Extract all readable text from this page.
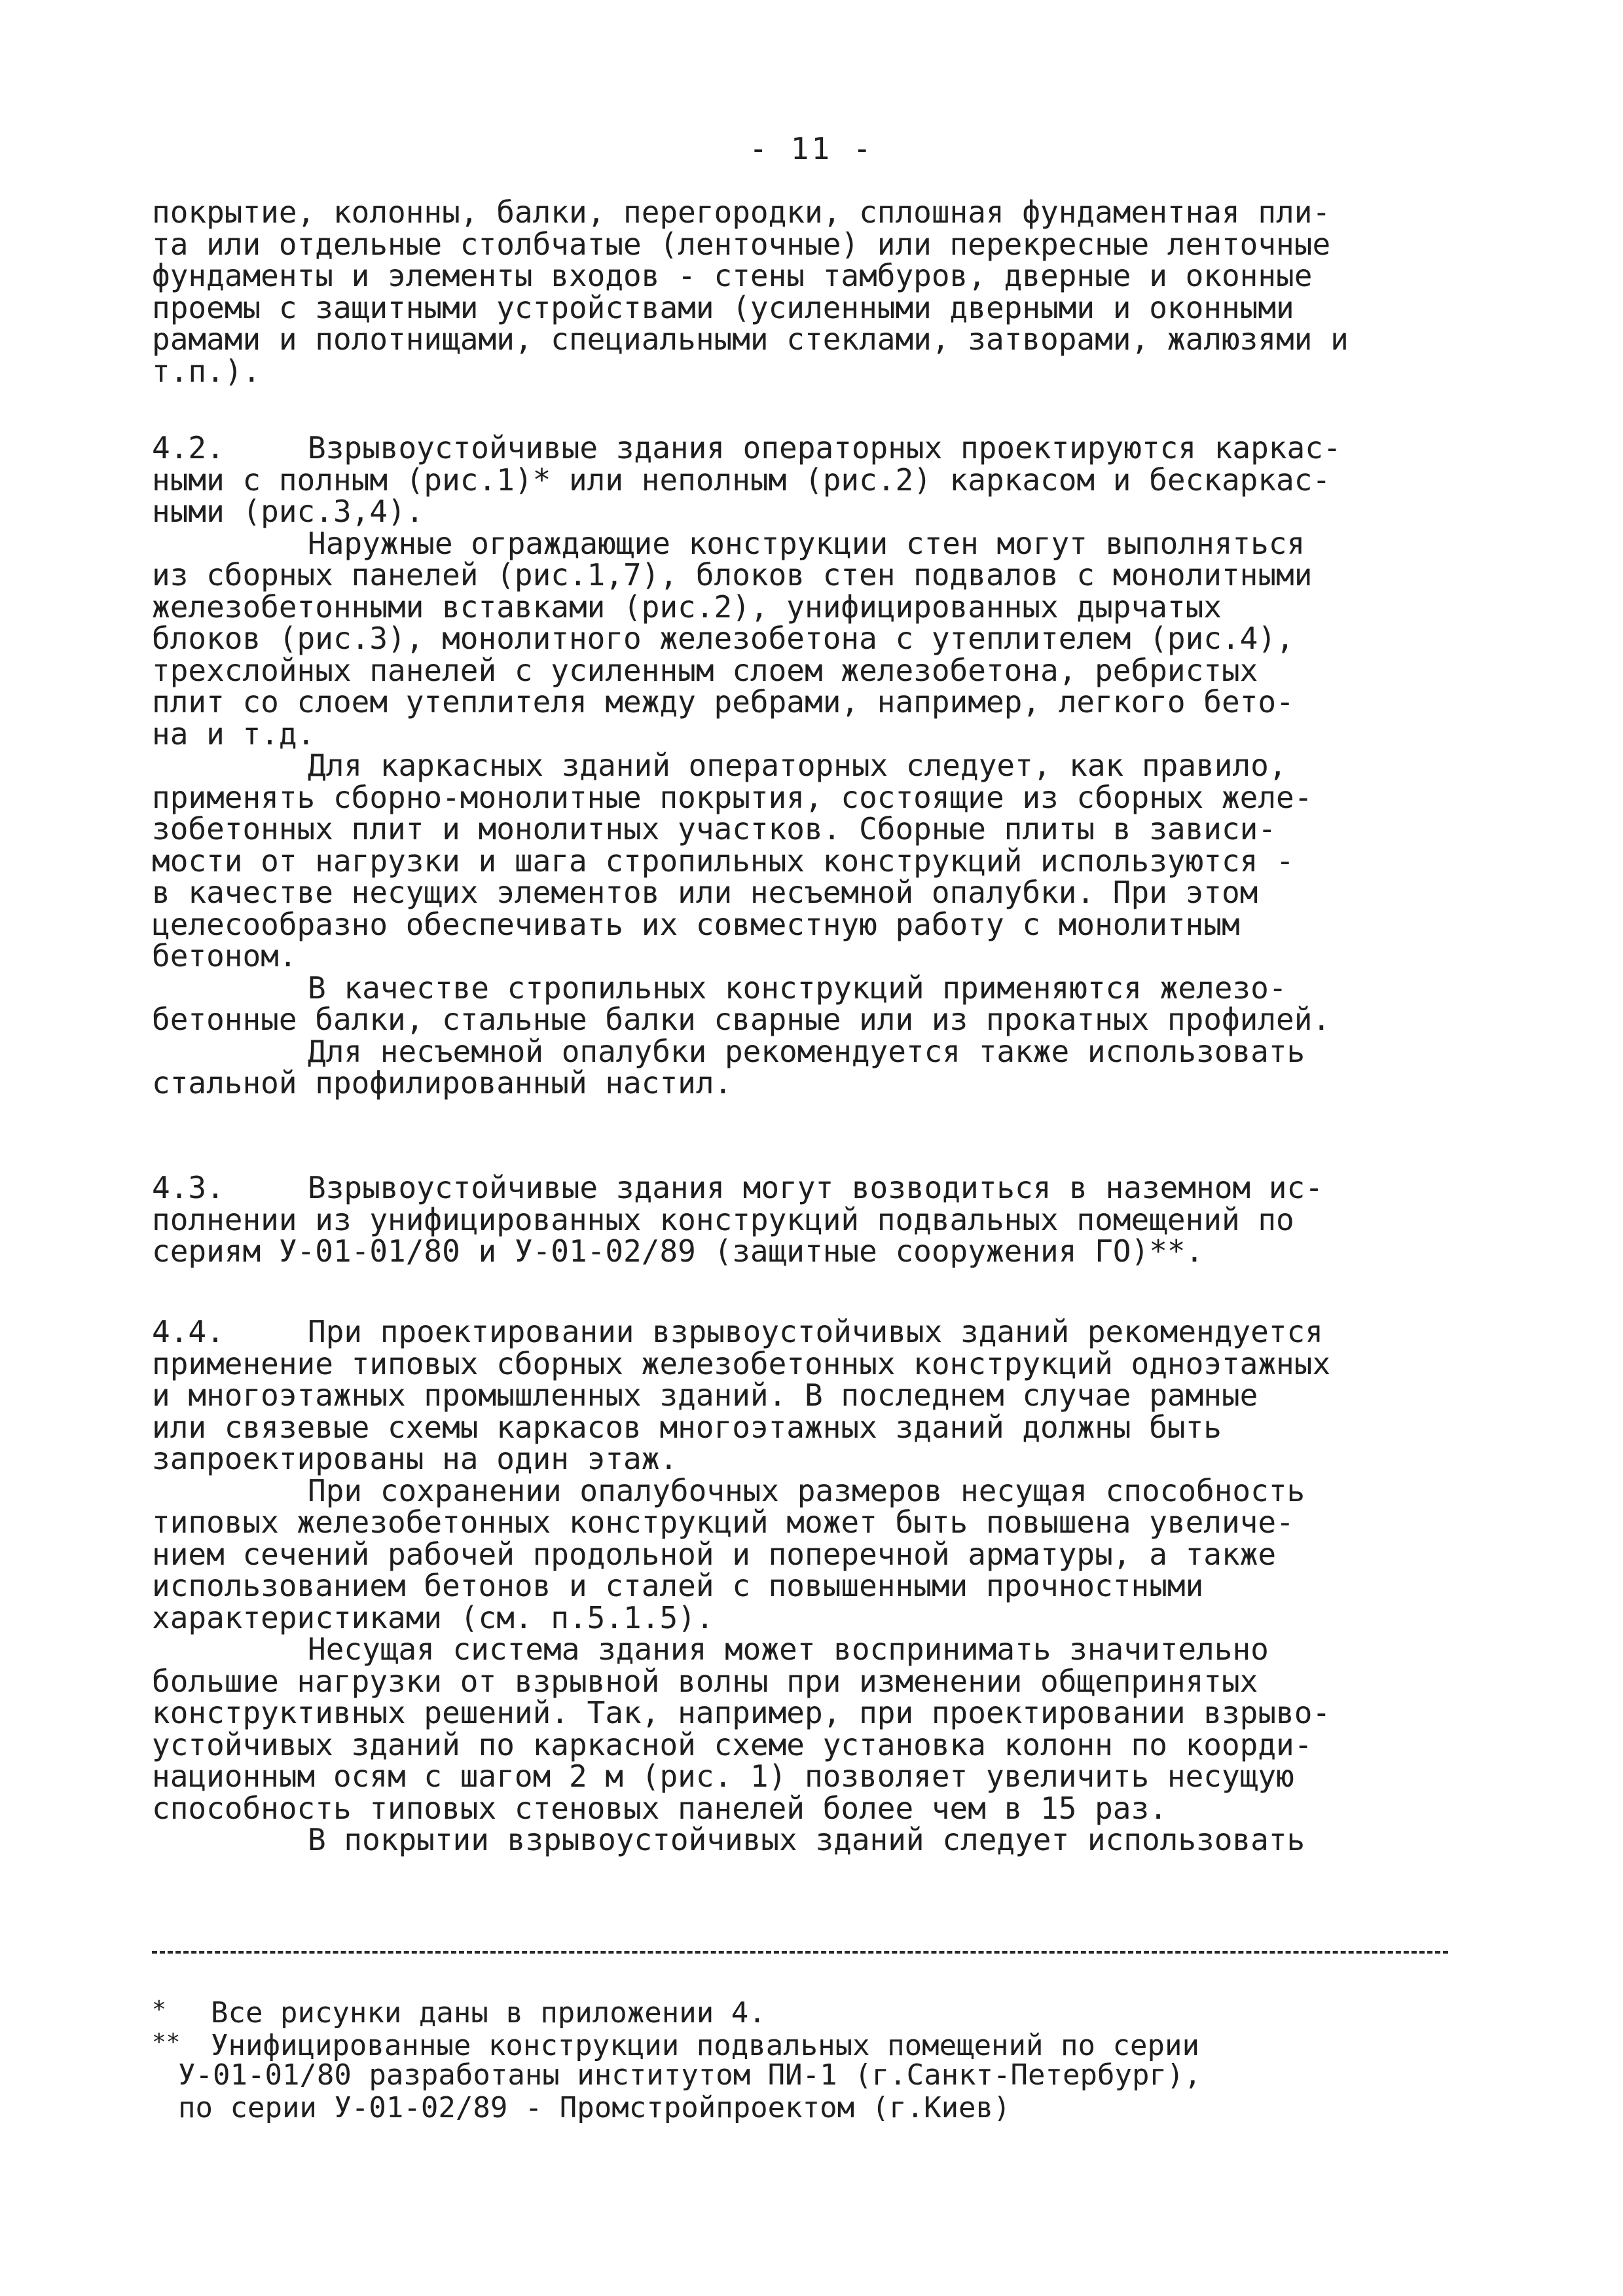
- 11 -
покрытие, колонны, балки, перегородки, сплошная фундаментная пли-
та или отдельные столбчатые (ленточные) или перекресные ленточные
фундаменты и элементы входов - стены тамбуров, дверные и оконные
проемы с защитными устройствами (усиленными дверными и оконными
рамами и полотнищами, специальными стеклами, затворами, жалюзями и
т.п.).
4.2.	Взрывоустойчивые здания операторных проектируются каркас-
ными с полным (рис.1)* или неполным (рис.2) каркасом и бескаркас-
ными (рис.3,4).
Наружные ограждающие конструкции стен могут выполняться
из сборных панелей (рис.1,7), блоков стен подвалов с монолитными
железобетонными вставками (рис.2), унифицированных дырчатых
блоков (рис.3), монолитного железобетона с утеплителем (рис.4),
трехслойных панелей с усиленным слоем железобетона, ребристых
плит со слоем утеплителя между ребрами, например, легкого бето-
на и т.д.
Для каркасных зданий операторных следует, как правило,
применять сборно-монолитные покрытия, состоящие из сборных желе-
зобетонных плит и монолитных участков. Сборные плиты в зависи-
мости от нагрузки и шага стропильных конструкций используются -
в качестве несущих элементов или несъемной опалубки. При этом
целесообразно обеспечивать их совместную работу с монолитным
бетоном.
В качестве стропильных конструкций применяются железо-
бетонные балки, стальные балки сварные или из прокатных профилей.
Для несъемной опалубки рекомендуется также использовать
стальной профилированный настил.
4.3.	Взрывоустойчивые здания могут возводиться в наземном ис-
полнении из унифицированных конструкций подвальных помещений по
сериям У-01-01/80 и У-01-02/89 (защитные сооружения ГО)**.
4.4.	При проектировании взрывоустойчивых зданий рекомендуется
применение типовых сборных железобетонных конструкций одноэтажных
и многоэтажных промышленных зданий. В последнем случае рамные
или связевые схемы каркасов многоэтажных зданий должны быть
запроектированы на один этаж.
При сохранении опалубочных размеров несущая способность
типовых железобетонных конструкций может быть повышена увеличе-
нием сечений рабочей продольной и поперечной арматуры, а также
использованием бетонов и сталей с повышенными прочностными
характеристиками (см. п.5.1.5).
Несущая система здания может воспринимать значительно
большие нагрузки от взрывной волны при изменении общепринятых
конструктивных решений. Так, например, при проектировании взрыво-
устойчивых зданий по каркасной схеме установка колонн по коорди-
национным осям с шагом 2 м (рис. 1) позволяет увеличить несущую
способность типовых стеновых панелей более чем в 15 раз.
В покрытии взрывоустойчивых зданий следует использовать
* Все рисунки даны в приложении 4.
** Унифицированные конструкции подвальных помещений по серии
У-01-01/80 разработаны институтом ПИ-1 (г.Санкт-Петербург),
по серии У-01-02/89 - Промстройпроектом (г.Киев)
